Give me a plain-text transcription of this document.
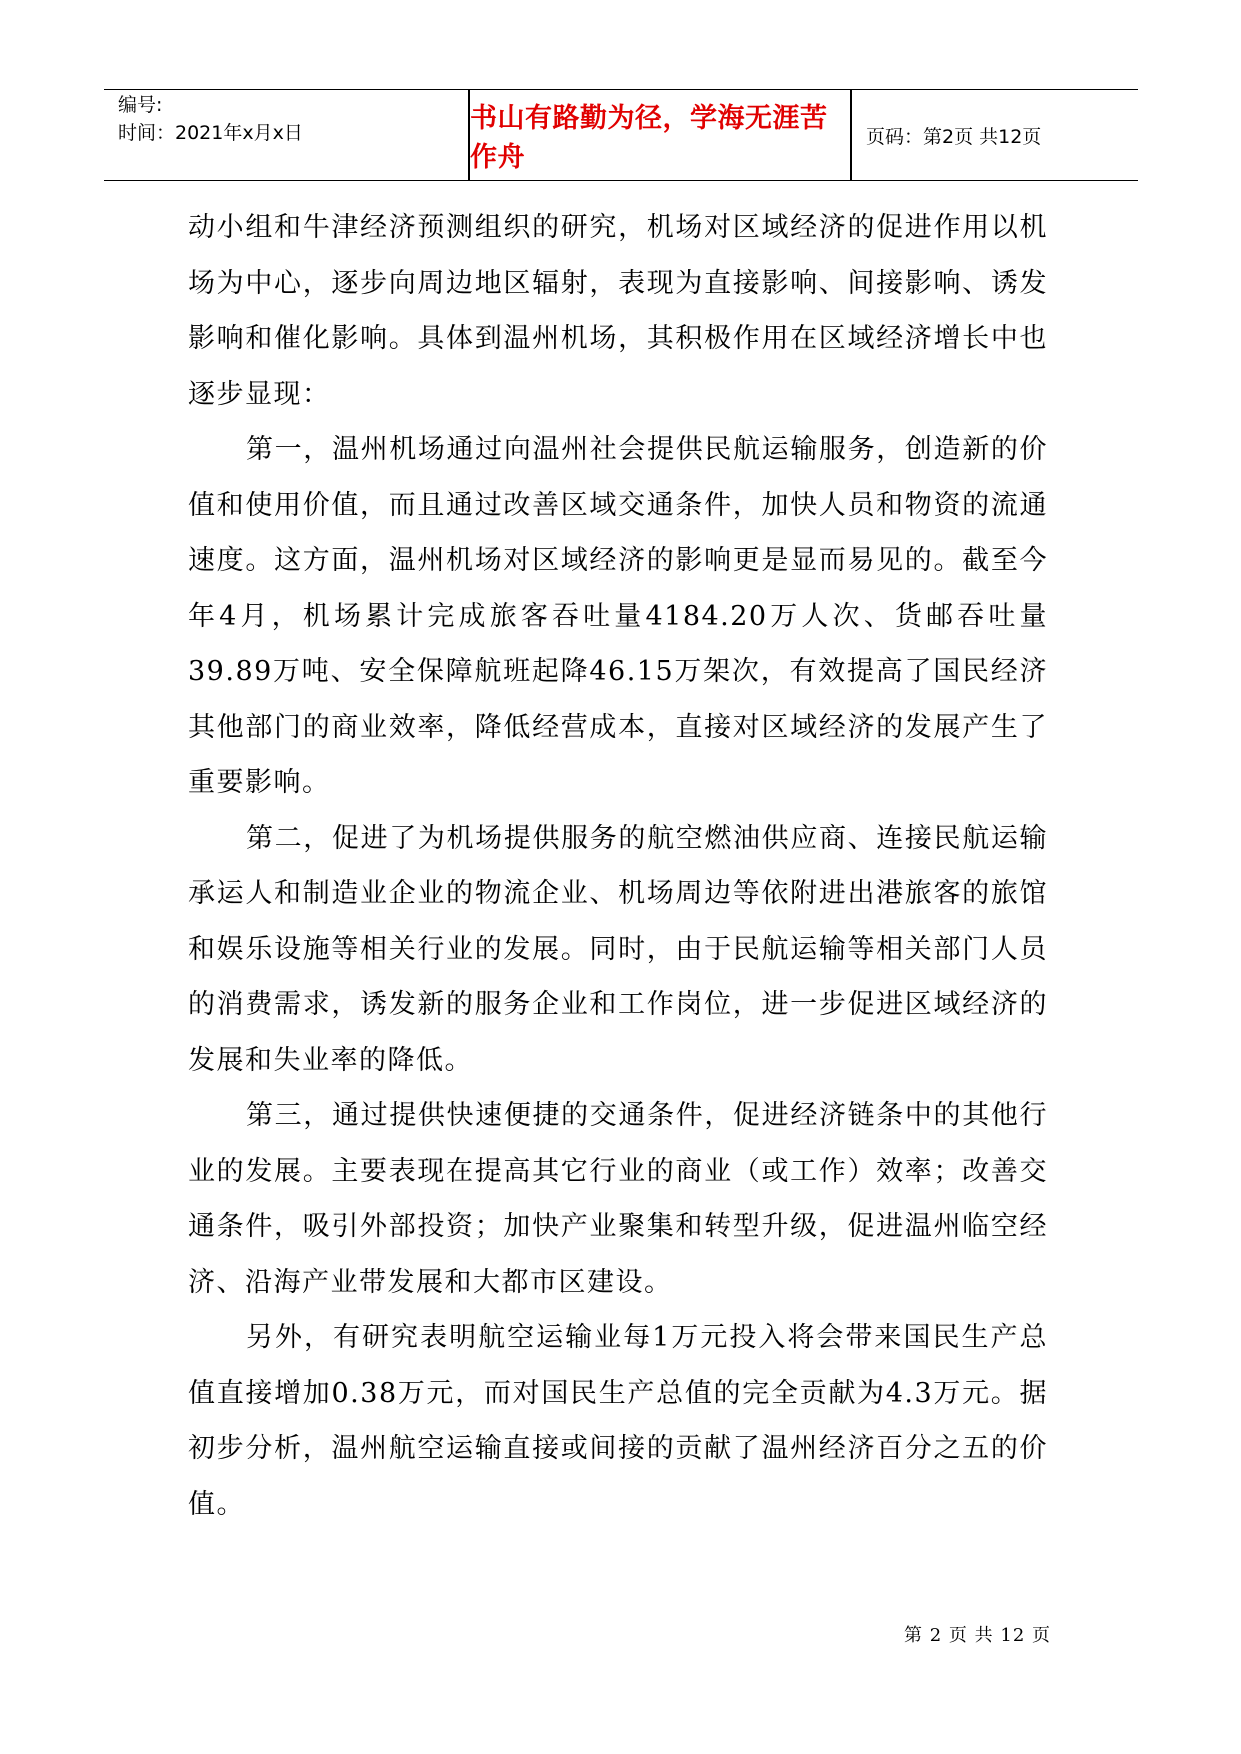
编号:
时间：2021年x月x日	书山有路勤为径，学海无涯苦作舟
页码：第2页 共12页

动小组和牛津经济预测组织的研究，机场对区域经济的促进作用以机场为中心，逐步向周边地区辐射，表现为直接影响、间接影响、诱发影响和催化影响。具体到温州机场，其积极作用在区域经济增长中也逐步显现：

第一，温州机场通过向温州社会提供民航运输服务，创造新的价值和使用价值，而且通过改善区域交通条件，加快人员和物资的流通速度。这方面，温州机场对区域经济的影响更是显而易见的。截至今年4月，机场累计完成旅客吞吐量4184.20万人次、货邮吞吐量39.89万吨、安全保障航班起降46.15万架次，有效提高了国民经济其他部门的商业效率，降低经营成本，直接对区域经济的发展产生了重要影响。

第二，促进了为机场提供服务的航空燃油供应商、连接民航运输承运人和制造业企业的物流企业、机场周边等依附进出港旅客的旅馆和娱乐设施等相关行业的发展。同时，由于民航运输等相关部门人员的消费需求，诱发新的服务企业和工作岗位，进一步促进区域经济的发展和失业率的降低。

第三，通过提供快速便捷的交通条件，促进经济链条中的其他行业的发展。主要表现在提高其它行业的商业（或工作）效率；改善交通条件，吸引外部投资；加快产业聚集和转型升级，促进温州临空经济、沿海产业带发展和大都市区建设。

另外，有研究表明航空运输业每1万元投入将会带来国民生产总值直接增加0.38万元，而对国民生产总值的完全贡献为4.3万元。据初步分析，温州航空运输直接或间接的贡献了温州经济百分之五的价值。

第 2 页 共 12 页
